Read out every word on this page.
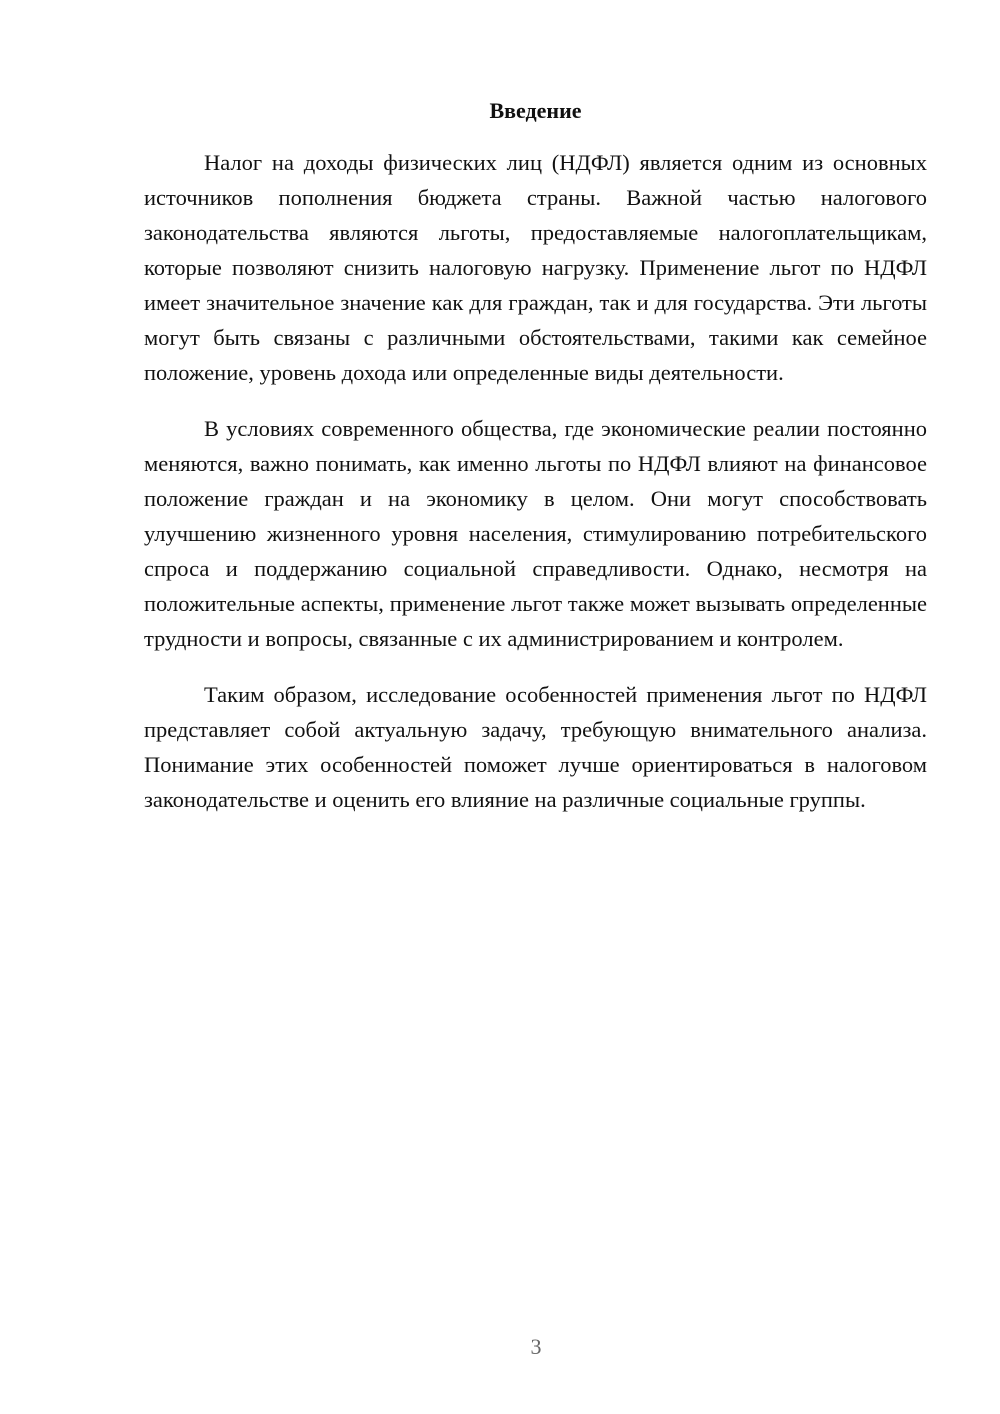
Введение

Налог на доходы физических лиц (НДФЛ) является одним из основных источников пополнения бюджета страны. Важной частью налогового законодательства являются льготы, предоставляемые налогоплательщикам, которые позволяют снизить налоговую нагрузку. Применение льгот по НДФЛ имеет значительное значение как для граждан, так и для государства. Эти льготы могут быть связаны с различными обстоятельствами, такими как семейное положение, уровень дохода или определенные виды деятельности.

В условиях современного общества, где экономические реалии постоянно меняются, важно понимать, как именно льготы по НДФЛ влияют на финансовое положение граждан и на экономику в целом. Они могут способствовать улучшению жизненного уровня населения, стимулированию потребительского спроса и поддержанию социальной справедливости. Однако, несмотря на положительные аспекты, применение льгот также может вызывать определенные трудности и вопросы, связанные с их администрированием и контролем.

Таким образом, исследование особенностей применения льгот по НДФЛ представляет собой актуальную задачу, требующую внимательного анализа. Понимание этих особенностей поможет лучше ориентироваться в налоговом законодательстве и оценить его влияние на различные социальные группы.

3
